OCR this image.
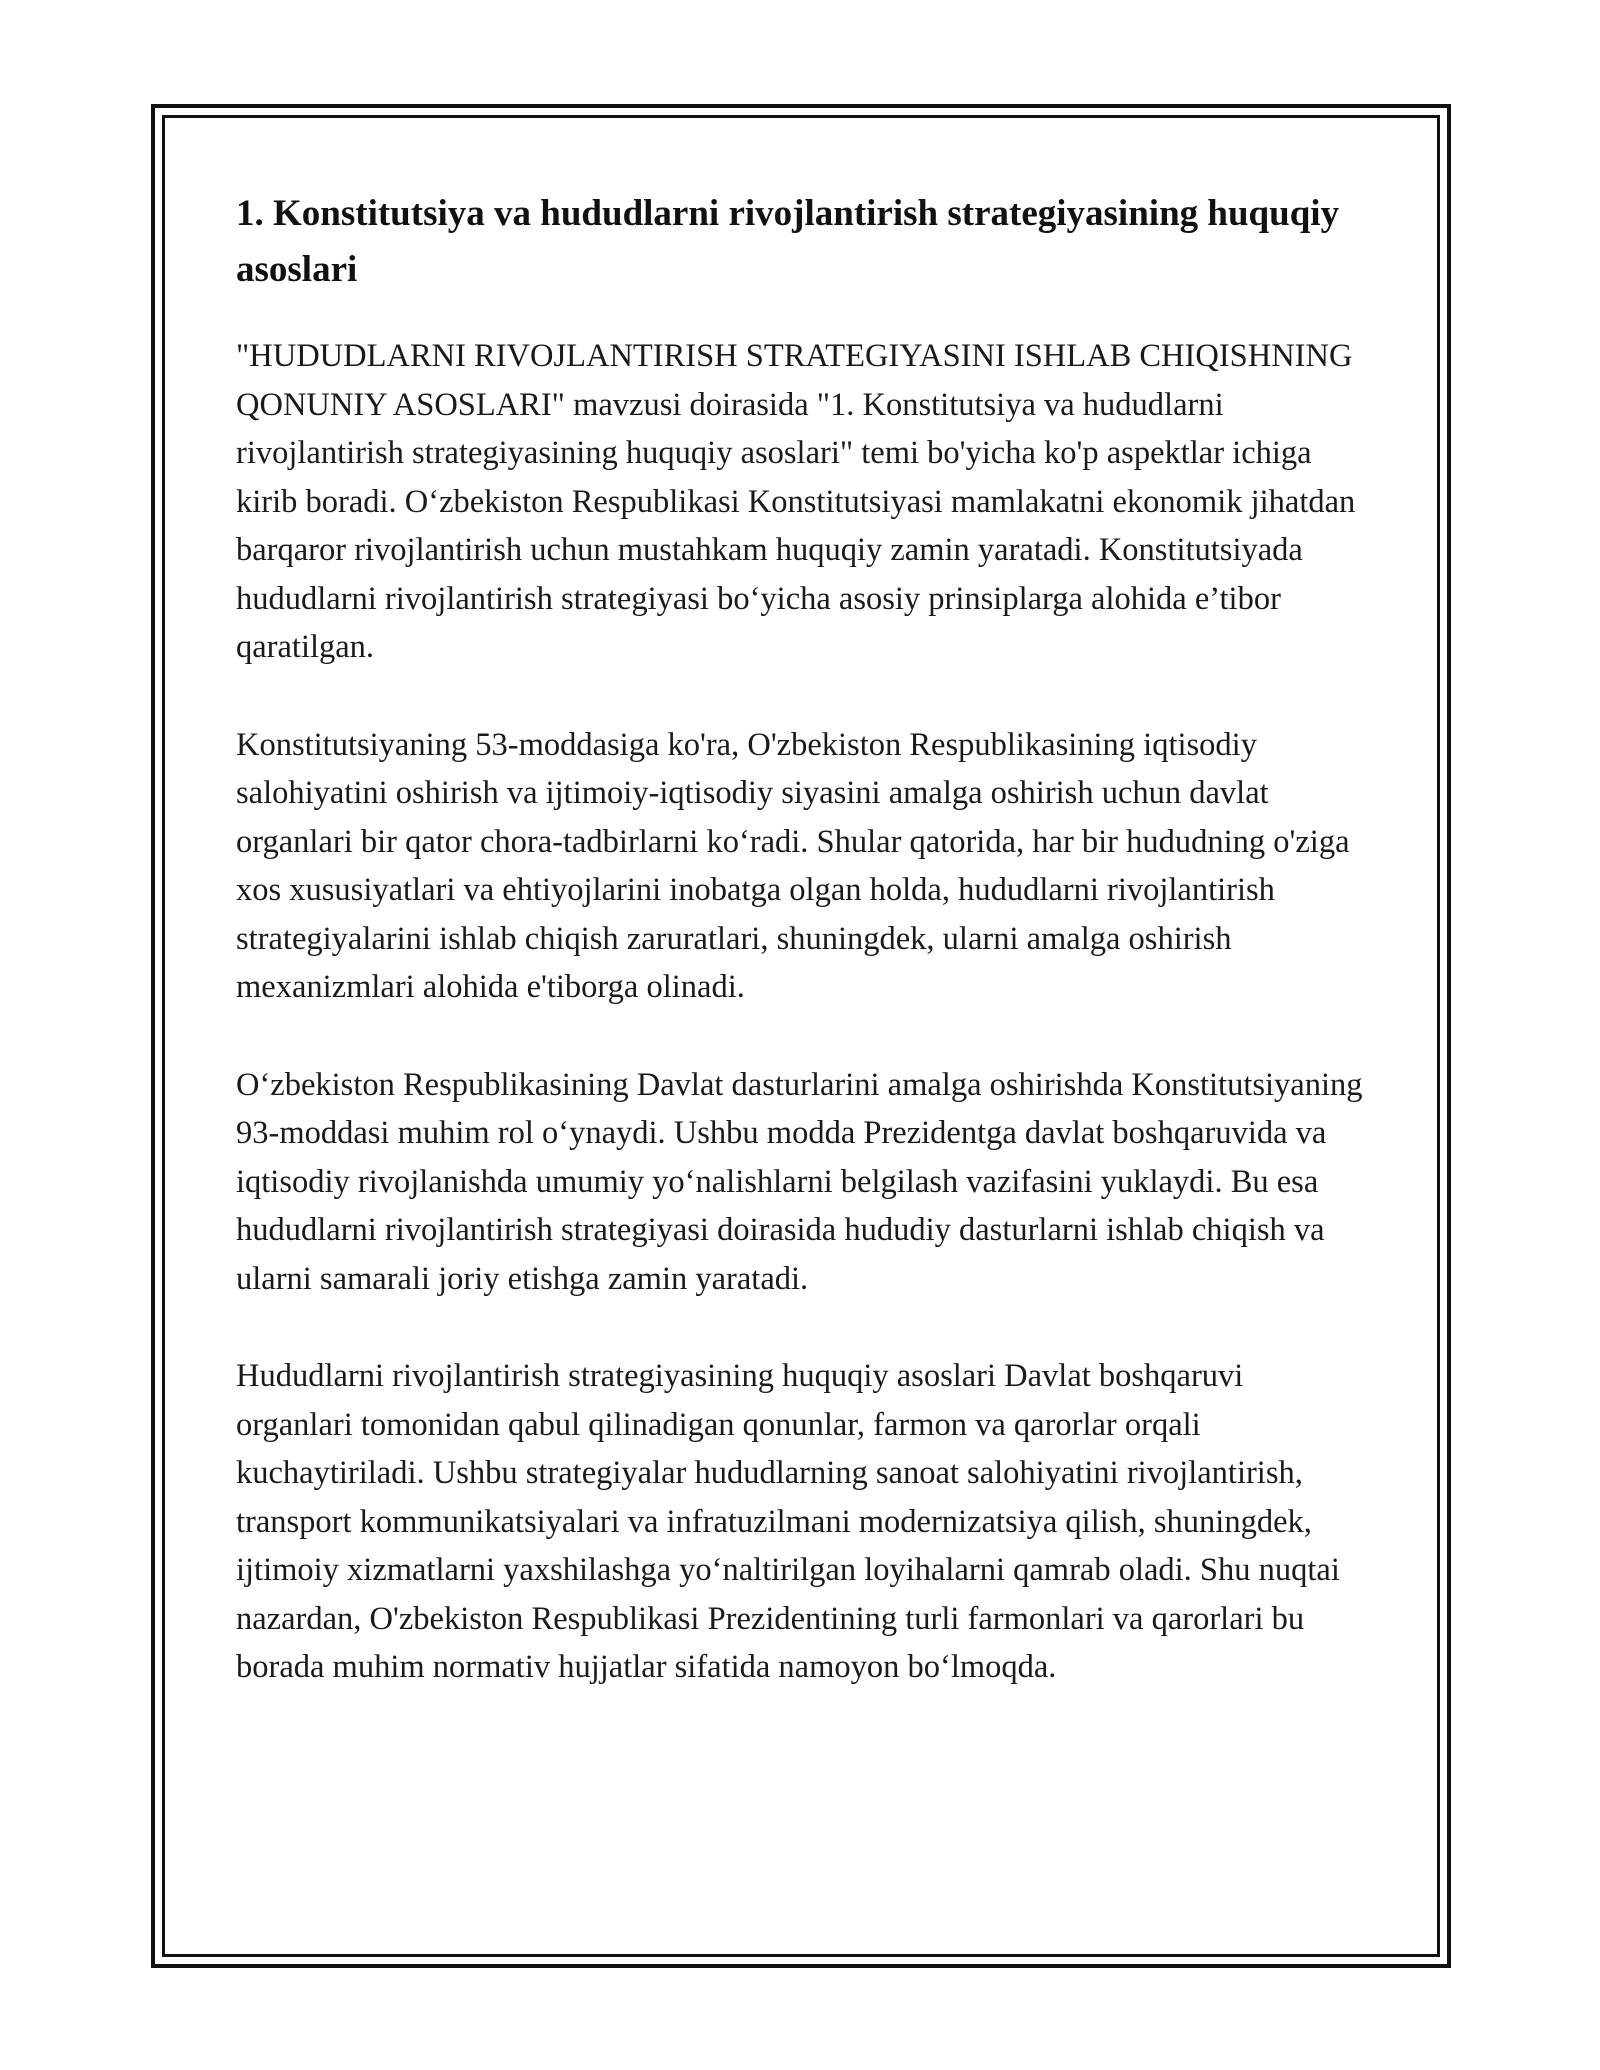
1. Konstitutsiya va hududlarni rivojlantirish strategiyasining huquqiy asoslari

"HUDUDLARNI RIVOJLANTIRISH STRATEGIYASINI ISHLAB CHIQISHNING QONUNIY ASOSLARI" mavzusi doirasida "1. Konstitutsiya va hududlarni rivojlantirish strategiyasining huquqiy asoslari" temi bo'yicha ko'p aspektlar ichiga kirib boradi. O‘zbekiston Respublikasi Konstitutsiyasi mamlakatni ekonomik jihatdan barqaror rivojlantirish uchun mustahkam huquqiy zamin yaratadi. Konstitutsiyada hududlarni rivojlantirish strategiyasi bo‘yicha asosiy prinsiplarga alohida e’tibor qaratilgan.

Konstitutsiyaning 53-moddasiga ko'ra, O'zbekiston Respublikasining iqtisodiy salohiyatini oshirish va ijtimoiy-iqtisodiy siyasini amalga oshirish uchun davlat organlari bir qator chora-tadbirlarni ko‘radi. Shular qatorida, har bir hududning o'ziga xos xususiyatlari va ehtiyojlarini inobatga olgan holda, hududlarni rivojlantirish strategiyalarini ishlab chiqish zaruratlari, shuningdek, ularni amalga oshirish mexanizmlari alohida e'tiborga olinadi.

O‘zbekiston Respublikasining Davlat dasturlarini amalga oshirishda Konstitutsiyaning 93-moddasi muhim rol o‘ynaydi. Ushbu modda Prezidentga davlat boshqaruvida va iqtisodiy rivojlanishda umumiy yo‘nalishlarni belgilash vazifasini yuklaydi. Bu esa hududlarni rivojlantirish strategiyasi doirasida hududiy dasturlarni ishlab chiqish va ularni samarali joriy etishga zamin yaratadi.

Hududlarni rivojlantirish strategiyasining huquqiy asoslari Davlat boshqaruvi organlari tomonidan qabul qilinadigan qonunlar, farmon va qarorlar orqali kuchaytiriladi. Ushbu strategiyalar hududlarning sanoat salohiyatini rivojlantirish, transport kommunikatsiyalari va infratuzilmani modernizatsiya qilish, shuningdek, ijtimoiy xizmatlarni yaxshilashga yo‘naltirilgan loyihalarni qamrab oladi. Shu nuqtai nazardan, O'zbekiston Respublikasi Prezidentining turli farmonlari va qarorlari bu borada muhim normativ hujjatlar sifatida namoyon bo‘lmoqda.
